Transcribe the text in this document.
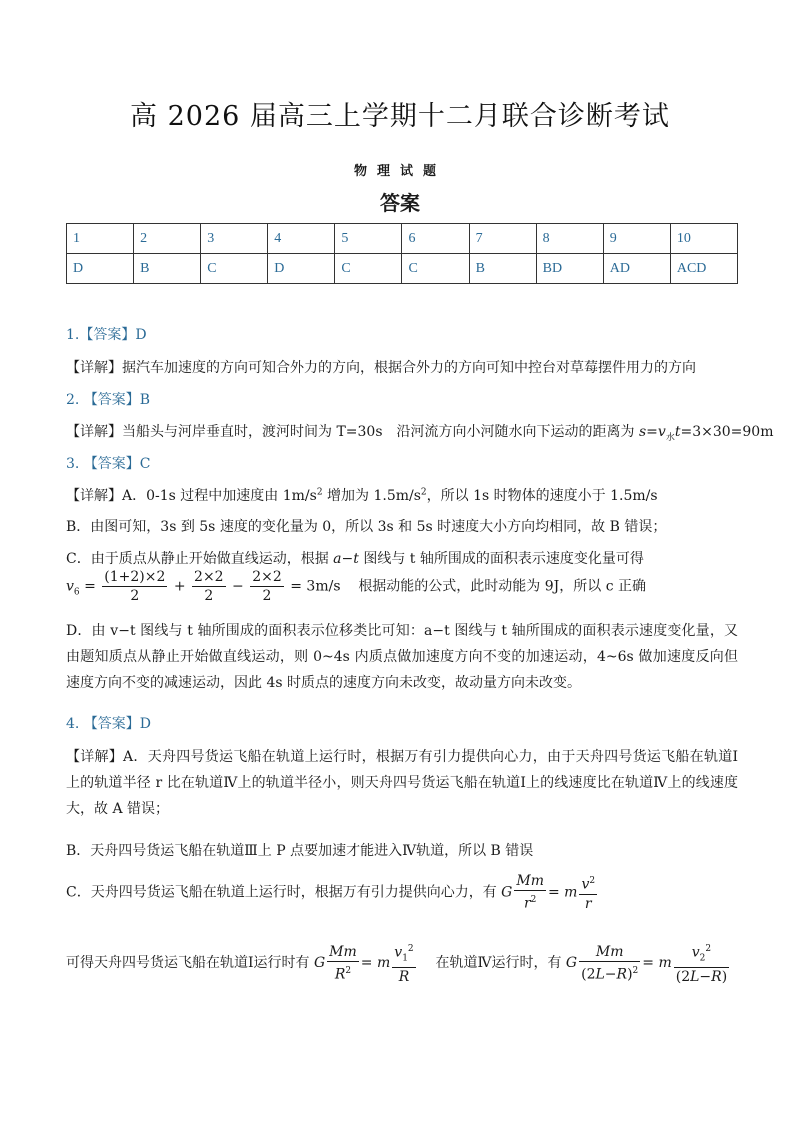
高 2026 届高三上学期十二月联合诊断考试
物理试题
答案
1	2	3	4	5	6	7	8	9	10
D	B	C	D	C	C	B	BD	AD	ACD
1.【答案】D
【详解】据汽车加速度的方向可知合外力的方向，根据合外力的方向可知中控台对草莓摆件用力的方向
2. 【答案】B
【详解】当船头与河岸垂直时，渡河时间为 T=30s　沿河流方向小河随水向下运动的距离为 $s=v_水t=3\times 30=90m$
3. 【答案】C
【详解】A．0-1s 过程中加速度由 $1m/s^2$ 增加为 $1.5m/s^2$，所以 1s 时物体的速度小于 1.5m/s
B．由图可知，3s 到 5s 速度的变化量为 0，所以 3s 和 5s 时速度大小方向均相同，故 B 错误；
C．由于质点从静止开始做直线运动，根据 a−t 图线与 t 轴所围成的面积表示速度变化量可得
$v_6 = \frac{(1+2)\times 2}{2} + \frac{2\times 2}{2} - \frac{2\times 2}{2} = 3m/s$ 根据动能的公式，此时动能为 9J，所以 c 正确
D．由 v−t 图线与 t 轴所围成的面积表示位移类比可知：a−t 图线与 t 轴所围成的面积表示速度变化量，又由题知质点从静止开始做直线运动，则 0~4s 内质点做加速度方向不变的加速运动，4~6s 做加速度反向但速度方向不变的减速运动，因此 4s 时质点的速度方向未改变，故动量方向未改变。
4. 【答案】D
【详解】A．天舟四号货运飞船在轨道上运行时，根据万有引力提供向心力，由于天舟四号货运飞船在轨道Ⅰ上的轨道半径 r 比在轨道Ⅳ上的轨道半径小，则天舟四号货运飞船在轨道Ⅰ上的线速度比在轨道Ⅳ上的线速度大，故 A 错误；
B．天舟四号货运飞船在轨道Ⅲ上 P 点要加速才能进入Ⅳ轨道，所以 B 错误
C．天舟四号货运飞船在轨道上运行时，根据万有引力提供向心力，有 G $\frac{Mm}{r^2} = m \frac{v^2}{r}$
可得天舟四号货运飞船在轨道Ⅰ运行时有 G $\frac{Mm}{R^2} = m \frac{v_1^2}{R}$ 在轨道Ⅳ运行时，有 G $\frac{Mm}{(2L-R)^2} = m \frac{v_2^2}{(2L-R)}$
